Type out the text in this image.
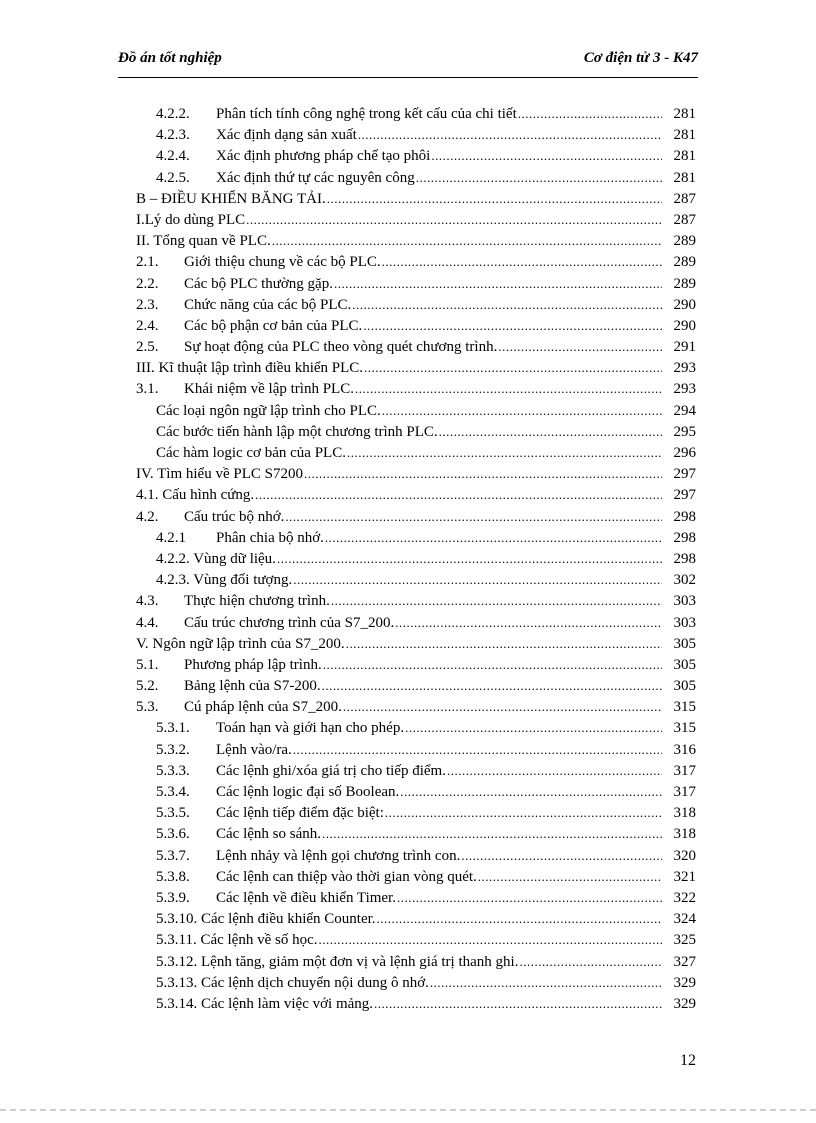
Đồ án tốt nghiệp	Cơ điện tử 3 - K47
4.2.2.	Phân tích tính công nghệ trong kết cấu của chi tiết .....	281
4.2.3.	Xác định dạng sản xuất .....	281
4.2.4.	Xác định phương pháp chế tạo phôi .....	281
4.2.5.	Xác định thứ tự các nguyên công .....	281
B – ĐIỀU KHIỂN BĂNG TẢI. .....	287
I.Lý do dùng PLC .....	287
II. Tổng quan về PLC. .....	289
2.1.	Giới thiệu chung về các bộ PLC. .....	289
2.2.	Các bộ PLC thường gặp. .....	289
2.3.	Chức năng của các bộ PLC. .....	290
2.4.	Các bộ phận cơ bản của PLC. .....	290
2.5.	Sự hoạt động của PLC theo vòng quét chương trình. .....	291
III. Kĩ thuật lập trình điều khiển PLC. .....	293
3.1.	Khái niệm về lập trình PLC. .....	293
Các loại ngôn ngữ lập trình cho PLC. .....	294
Các bước tiến hành lập một chương trình PLC. .....	295
Các hàm logic cơ bản của PLC. .....	296
IV. Tìm hiểu về PLC S7200 .....	297
4.1. Cấu hình cứng. .....	297
4.2.	Cấu trúc bộ nhớ. .....	298
4.2.1	Phân chia bộ nhớ. .....	298
4.2.2. Vùng dữ liệu. .....	298
4.2.3. Vùng đối tượng. .....	302
4.3.	Thực hiện chương trình. .....	303
4.4.	Cấu trúc chương trình của S7_200. .....	303
V. Ngôn ngữ lập trình của S7_200. .....	305
5.1.	Phương pháp lập trình. .....	305
5.2.	Bảng lệnh của S7-200. .....	305
5.3.	Cú pháp lệnh của S7_200. .....	315
5.3.1.	Toán hạn và giới hạn cho phép. .....	315
5.3.2.	Lệnh vào/ra. .....	316
5.3.3.	Các lệnh ghi/xóa giá trị cho tiếp điểm. .....	317
5.3.4.	Các lệnh logic đại số Boolean. .....	317
5.3.5.	Các lệnh tiếp điểm đặc biệt: .....	318
5.3.6.	Các lệnh so sánh. .....	318
5.3.7.	Lệnh nhảy và lệnh gọi chương trình con. .....	320
5.3.8.	Các lệnh can thiệp vào thời gian vòng quét. .....	321
5.3.9.	Các lệnh về điều khiển Timer. .....	322
5.3.10. Các lệnh điều khiển Counter. .....	324
5.3.11. Các lệnh về số học. .....	325
5.3.12. Lệnh tăng, giảm một đơn vị và lệnh giá trị thanh ghi. .....	327
5.3.13. Các lệnh dịch chuyển nội dung ô nhớ. .....	329
5.3.14. Các lệnh làm việc với mảng. .....	329
12
